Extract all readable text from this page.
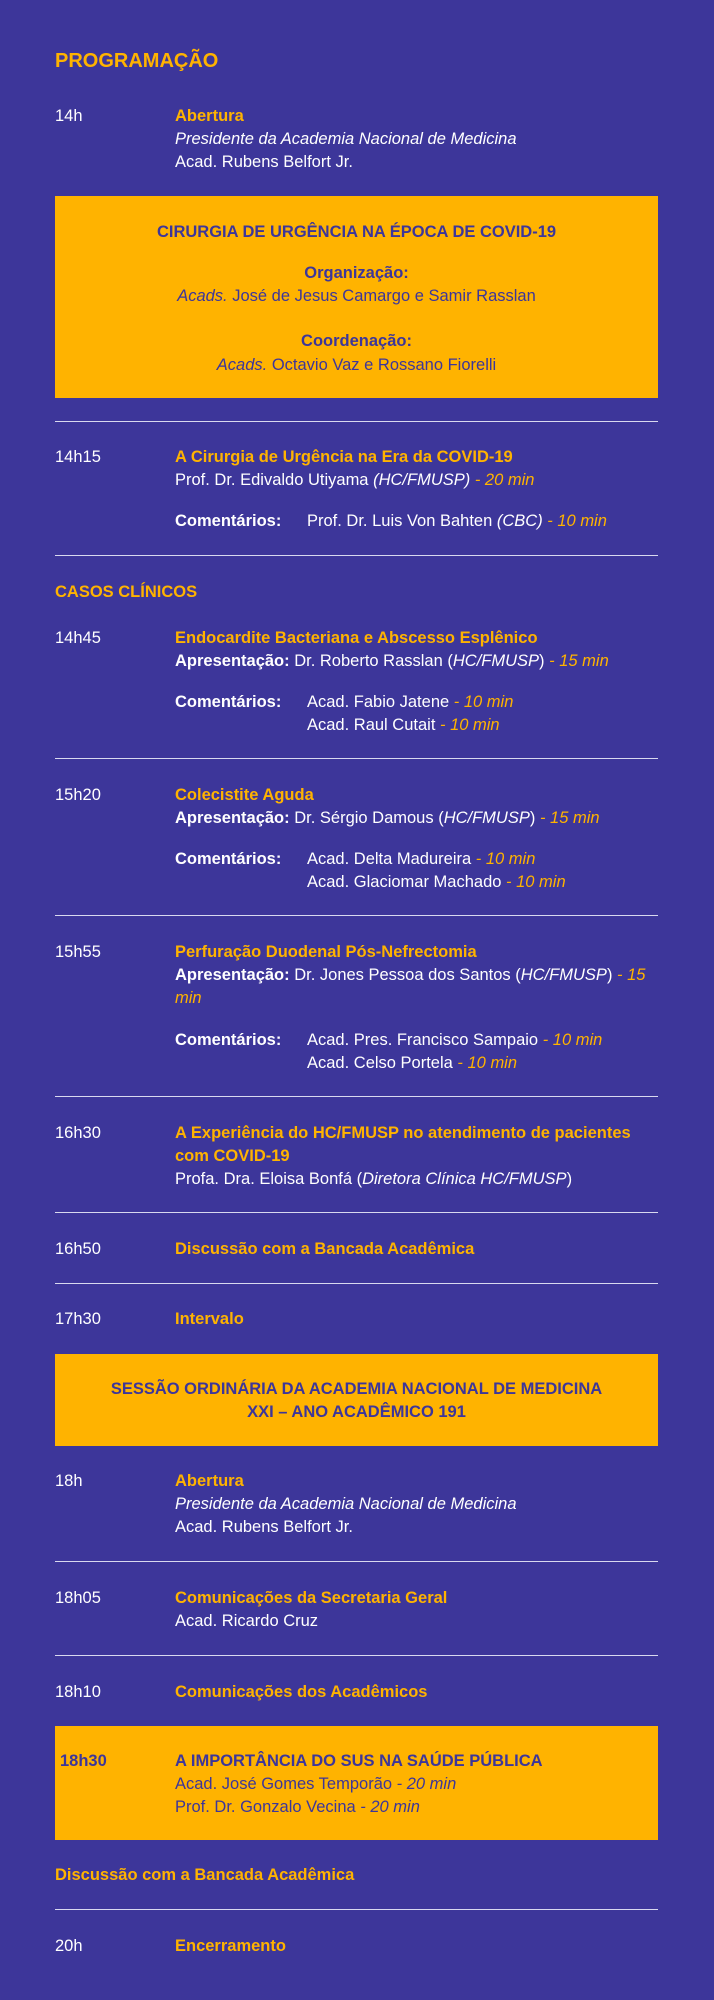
PROGRAMAÇÃO
14h	Abertura
Presidente da Academia Nacional de Medicina
Acad. Rubens Belfort Jr.
CIRURGIA DE URGÊNCIA NA ÉPOCA DE COVID-19
Organização:
Acads. José de Jesus Camargo e Samir Rasslan
Coordenação:
Acads. Octavio Vaz e Rossano Fiorelli
14h15	A Cirurgia de Urgência na Era da COVID-19
Prof. Dr. Edivaldo Utiyama (HC/FMUSP) - 20 min
Comentários: Prof. Dr. Luis Von Bahten (CBC) - 10 min
CASOS CLÍNICOS
14h45	Endocardite Bacteriana e Abscesso Esplênico
Apresentação: Dr. Roberto Rasslan (HC/FMUSP) - 15 min
Comentários: Acad. Fabio Jatene - 10 min
Acad. Raul Cutait - 10 min
15h20	Colecistite Aguda
Apresentação: Dr. Sérgio Damous (HC/FMUSP) - 15 min
Comentários: Acad. Delta Madureira - 10 min
Acad. Glaciomar Machado - 10 min
15h55	Perfuração Duodenal Pós-Nefrectomia
Apresentação: Dr. Jones Pessoa dos Santos (HC/FMUSP) - 15
min
Comentários: Acad. Pres. Francisco Sampaio - 10 min
Acad. Celso Portela - 10 min
16h30	A Experiência do HC/FMUSP no atendimento de pacientes
com COVID-19
Profa. Dra. Eloisa Bonfá (Diretora Clínica HC/FMUSP)
16h50	Discussão com a Bancada Acadêmica
17h30	Intervalo
SESSÃO ORDINÁRIA DA ACADEMIA NACIONAL DE MEDICINA
XXI – ANO ACADÊMICO 191
18h	Abertura
Presidente da Academia Nacional de Medicina
Acad. Rubens Belfort Jr.
18h05	Comunicações da Secretaria Geral
Acad. Ricardo Cruz
18h10	Comunicações dos Acadêmicos
18h30	A IMPORTÂNCIA DO SUS NA SAÚDE PÚBLICA
Acad. José Gomes Temporão - 20 min
Prof. Dr. Gonzalo Vecina - 20 min
Discussão com a Bancada Acadêmica
20h	Encerramento
